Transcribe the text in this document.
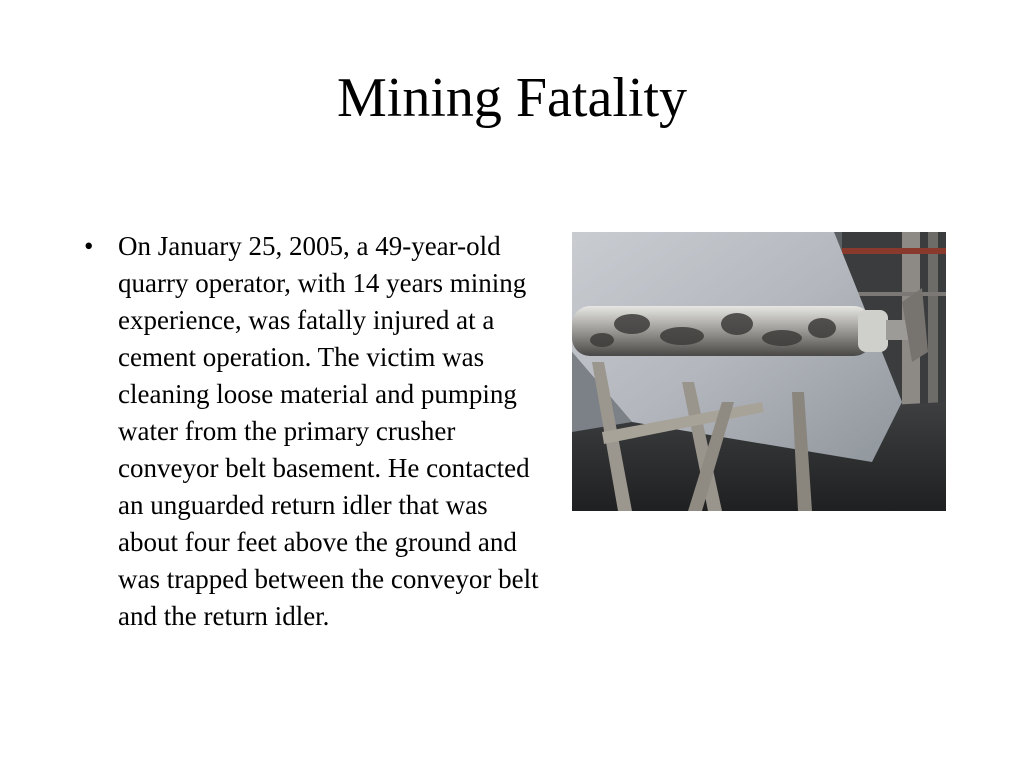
Mining Fatality
• On January 25, 2005, a 49-year-old quarry operator, with 14 years mining experience, was fatally injured at a cement operation. The victim was cleaning loose material and pumping water from the primary crusher conveyor belt basement. He contacted an unguarded return idler that was about four feet above the ground and was trapped between the conveyor belt and the return idler.
